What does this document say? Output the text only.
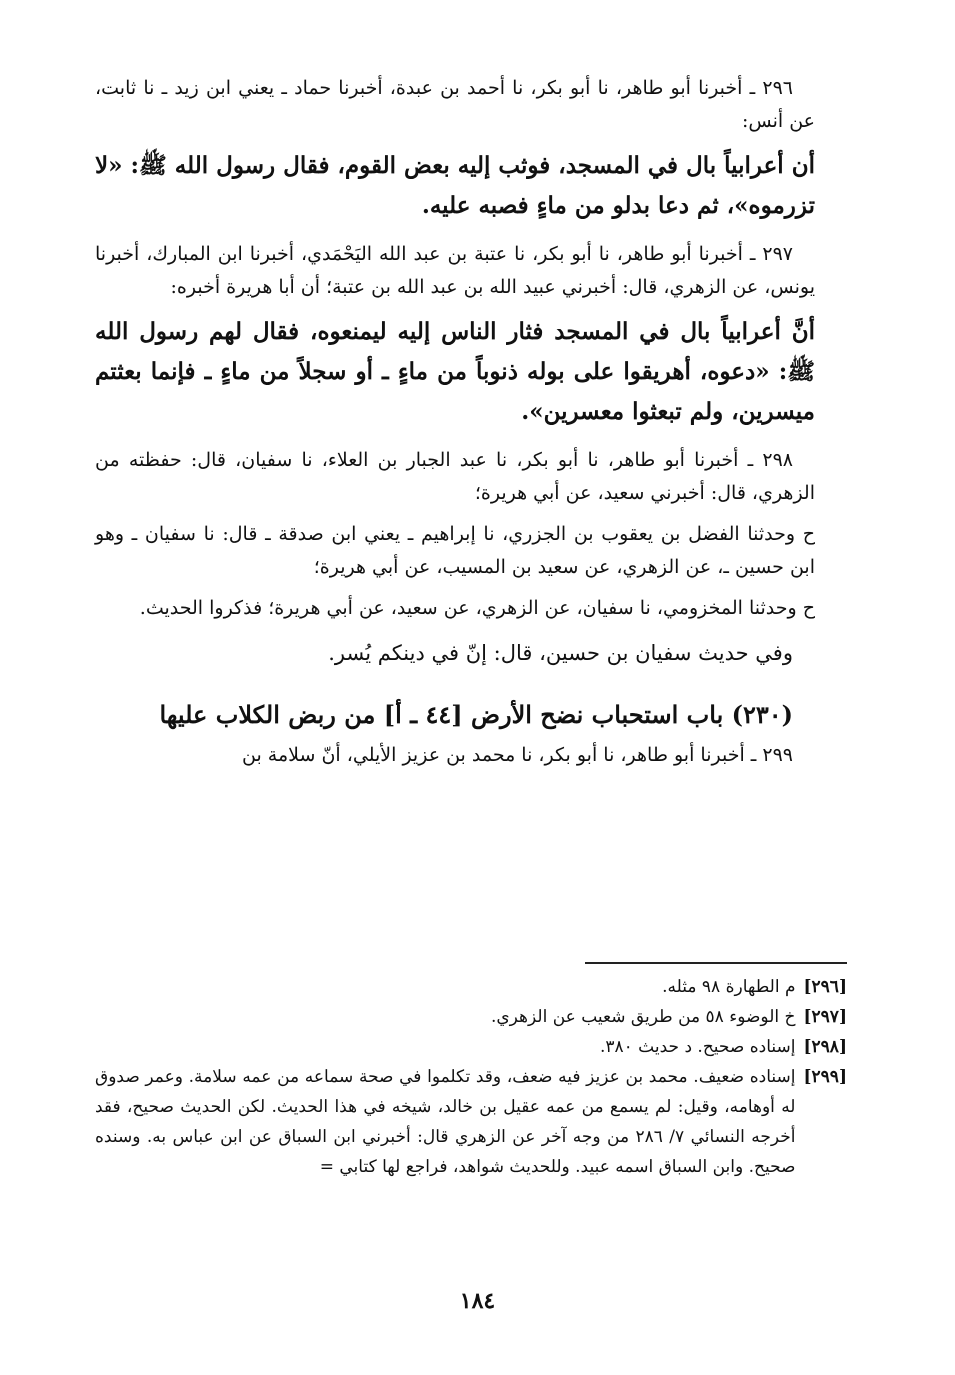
٢٩٦ ـ أخبرنا أبو طاهر، نا أبو بكر، نا أحمد بن عبدة، أخبرنا حماد ـ يعني ابن زيد ـ نا ثابت، عن أنس:

أن أعرابياً بال في المسجد، فوثب إليه بعض القوم، فقال رسول الله ﷺ: «لا تزرموه»، ثم دعا بدلو من ماءٍ فصبه عليه.

٢٩٧ ـ أخبرنا أبو طاهر، نا أبو بكر، نا عتبة بن عبد الله اليَحْمَدي، أخبرنا ابن المبارك، أخبرنا يونس، عن الزهري، قال: أخبرني عبيد الله بن عبد الله بن عتبة؛ أن أبا هريرة أخبره:

أنَّ أعرابياً بال في المسجد فثار الناس إليه ليمنعوه، فقال لهم رسول الله ﷺ: «دعوه، أهريقوا على بوله ذنوباً من ماءٍ ـ أو سجلاً من ماءٍ ـ فإنما بعثتم ميسرين، ولم تبعثوا معسرين».

٢٩٨ ـ أخبرنا أبو طاهر، نا أبو بكر، نا عبد الجبار بن العلاء، نا سفيان، قال: حفظته من الزهري، قال: أخبرني سعيد، عن أبي هريرة؛

ح وحدثنا الفضل بن يعقوب بن الجزري، نا إبراهيم ـ يعني ابن صدقة ـ قال: نا سفيان ـ وهو ابن حسين ـ، عن الزهري، عن سعيد بن المسيب، عن أبي هريرة؛

ح وحدثنا المخزومي، نا سفيان، عن الزهري، عن سعيد، عن أبي هريرة؛ فذكروا الحديث.

وفي حديث سفيان بن حسين، قال: إنّ في دينكم يُسر.

(٢٣٠) باب استحباب نضح الأرض [٤٤ ـ أ] من ربض الكلاب عليها

٢٩٩ ـ أخبرنا أبو طاهر، نا أبو بكر، نا محمد بن عزيز الأيلي، أنّ سلامة بن

[٢٩٦]
م الطهارة ٩٨ مثله.
[٢٩٧]
خ الوضوء ٥٨ من طريق شعيب عن الزهري.
[٢٩٨]
إسناده صحيح. د حديث ٣٨٠.
[٢٩٩]
إسناده ضعيف. محمد بن عزيز فيه ضعف، وقد تكلموا في صحة سماعه من عمه سلامة. وعمر صدوق له أوهامه، وقيل: لم يسمع من عمه عقيل بن خالد، شيخه في هذا الحديث. لكن الحديث صحيح، فقد أخرجه النسائي ٧/ ٢٨٦ من وجه آخر عن الزهري قال: أخبرني ابن السباق عن ابن عباس به. وسنده صحيح. وابن السباق اسمه عبيد. وللحديث شواهد، فراجع لها كتابي =
١٨٤
